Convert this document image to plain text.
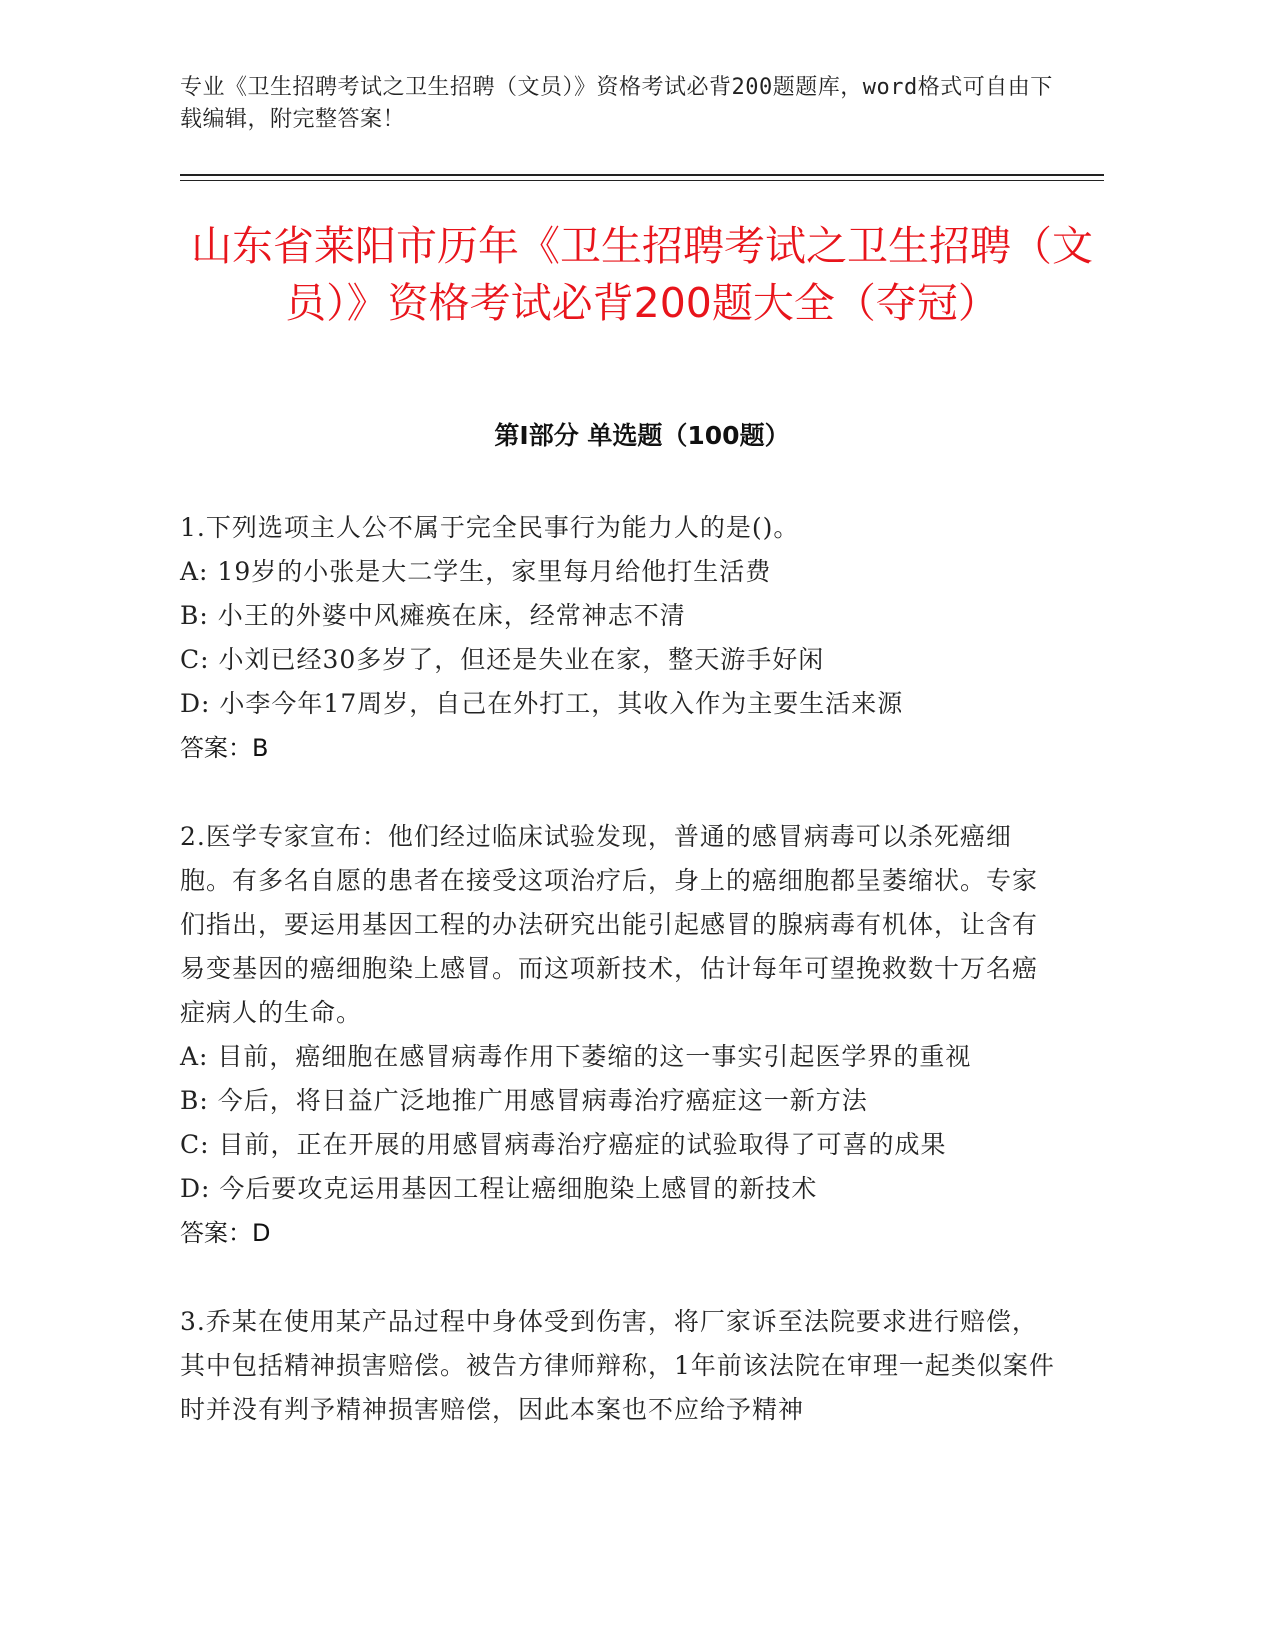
专业《卫生招聘考试之卫生招聘（文员）》资格考试必背200题题库，word格式可自由下载编辑，附完整答案！
山东省莱阳市历年《卫生招聘考试之卫生招聘（文员）》资格考试必背200题大全（夺冠）
第Ⅰ部分 单选题（100题）

1.下列选项主人公不属于完全民事行为能力人的是()。

A: 19岁的小张是大二学生，家里每月给他打生活费

B: 小王的外婆中风瘫痪在床，经常神志不清

C: 小刘已经30多岁了，但还是失业在家，整天游手好闲

D: 小李今年17周岁，自己在外打工，其收入作为主要生活来源

答案：B

2.医学专家宣布：他们经过临床试验发现，普通的感冒病毒可以杀死癌细胞。有多名自愿的患者在接受这项治疗后，身上的癌细胞都呈萎缩状。专家们指出，要运用基因工程的办法研究出能引起感冒的腺病毒有机体，让含有易变基因的癌细胞染上感冒。而这项新技术，估计每年可望挽救数十万名癌症病人的生命。

A: 目前，癌细胞在感冒病毒作用下萎缩的这一事实引起医学界的重视

B: 今后，将日益广泛地推广用感冒病毒治疗癌症这一新方法

C: 目前，正在开展的用感冒病毒治疗癌症的试验取得了可喜的成果

D: 今后要攻克运用基因工程让癌细胞染上感冒的新技术

答案：D

3.乔某在使用某产品过程中身体受到伤害，将厂家诉至法院要求进行赔偿，其中包括精神损害赔偿。被告方律师辩称，1年前该法院在审理一起类似案件时并没有判予精神损害赔偿，因此本案也不应给予精神
